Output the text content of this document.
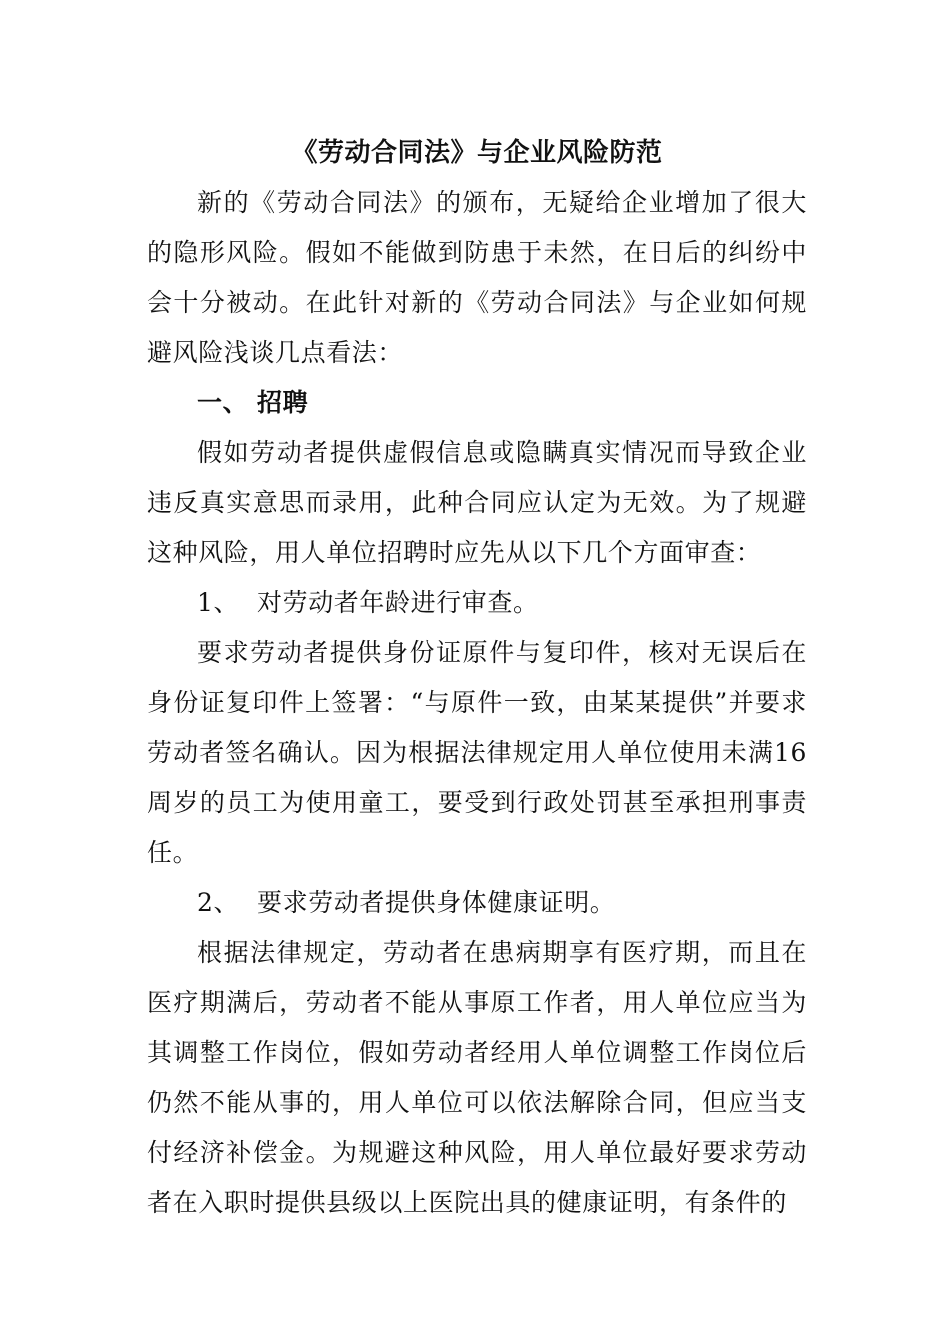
《劳动合同法》与企业风险防范

新的《劳动合同法》的颁布，无疑给企业增加了很大的隐形风险。假如不能做到防患于未然，在日后的纠纷中会十分被动。在此针对新的《劳动合同法》与企业如何规避风险浅谈几点看法：

一、 招聘

假如劳动者提供虚假信息或隐瞒真实情况而导致企业违反真实意思而录用，此种合同应认定为无效。为了规避这种风险，用人单位招聘时应先从以下几个方面审查：

1、 对劳动者年龄进行审查。

要求劳动者提供身份证原件与复印件，核对无误后在身份证复印件上签署：“与原件一致，由某某提供”并要求劳动者签名确认。因为根据法律规定用人单位使用未满16周岁的员工为使用童工，要受到行政处罚甚至承担刑事责任。

2、 要求劳动者提供身体健康证明。

根据法律规定，劳动者在患病期享有医疗期，而且在医疗期满后，劳动者不能从事原工作者，用人单位应当为其调整工作岗位，假如劳动者经用人单位调整工作岗位后仍然不能从事的，用人单位可以依法解除合同，但应当支付经济补偿金。为规避这种风险，用人单位最好要求劳动者在入职时提供县级以上医院出具的健康证明，有条件的
